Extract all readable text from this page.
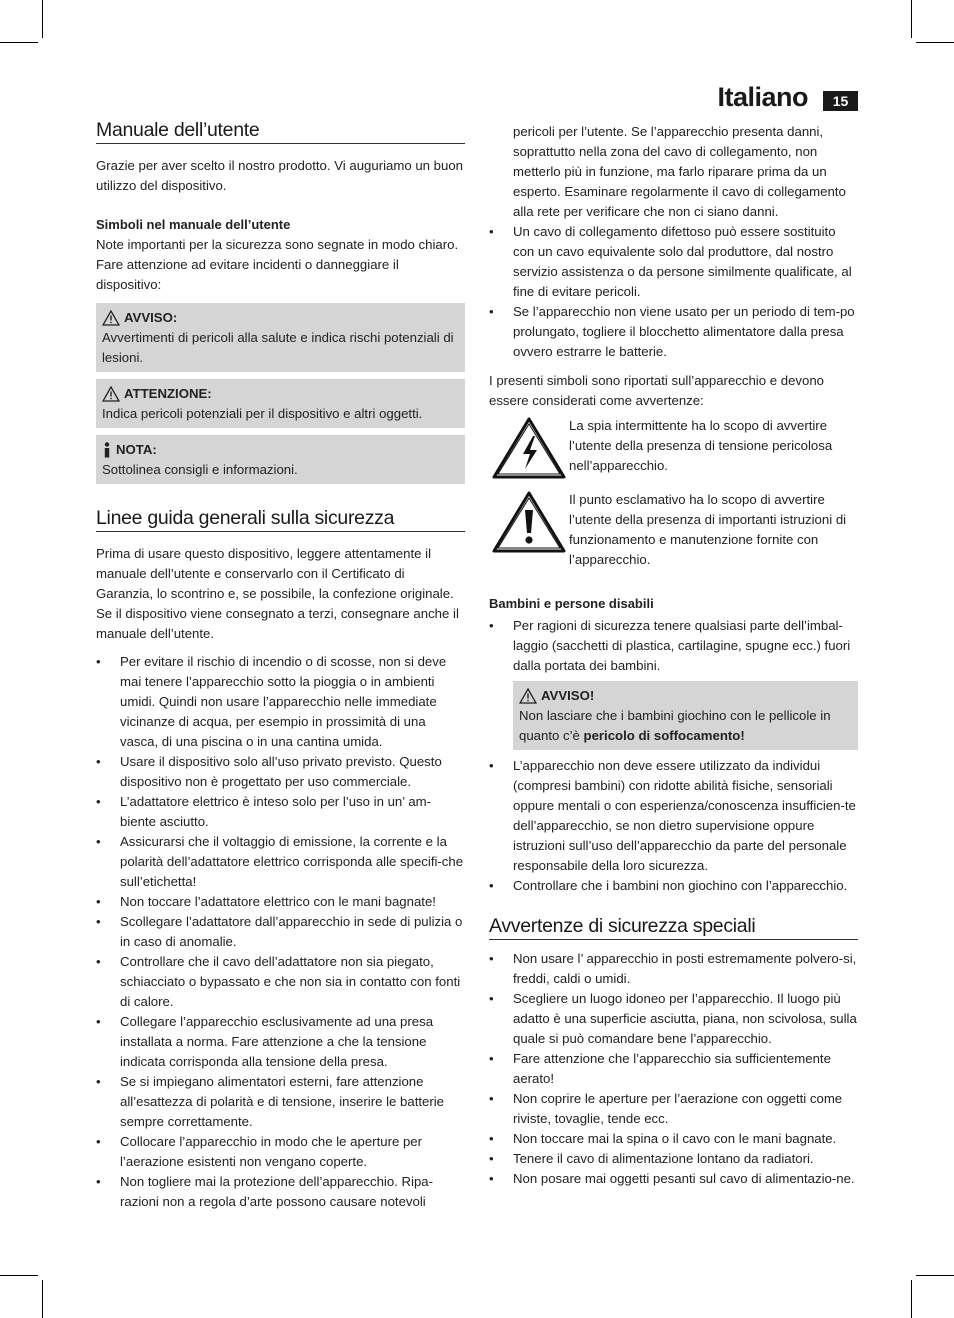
Italiano	15
Manuale dell’utente

Grazie per aver scelto il nostro prodotto. Vi auguriamo un buon utilizzo del dispositivo.

Simboli nel manuale dell’utente

Note importanti per la sicurezza sono segnate in modo chiaro. Fare attenzione ad evitare incidenti o danneggiare il dispositivo:

AVVISO:
Avvertimenti di pericoli alla salute e indica rischi potenziali di lesioni.
ATTENZIONE:
Indica pericoli potenziali per il dispositivo e altri oggetti.
NOTA:
Sottolinea consigli e informazioni.
Linee guida generali sulla sicurezza

Prima di usare questo dispositivo, leggere attentamente il manuale dell’utente e conservarlo con il Certificato di Garanzia, lo scontrino e, se possibile, la confezione originale. Se il dispositivo viene consegnato a terzi, consegnare anche il manuale dell’utente.

• Per evitare il rischio di incendio o di scosse, non si deve mai tenere l’apparecchio sotto la pioggia o in ambienti umidi. Quindi non usare l’apparecchio nelle immediate vicinanze di acqua, per esempio in prossimità di una vasca, di una piscina o in una cantina umida.
• Usare il dispositivo solo all’uso privato previsto. Questo dispositivo non è progettato per uso commerciale.
• L’adattatore elettrico è inteso solo per l’uso in un’ am-biente asciutto.
• Assicurarsi che il voltaggio di emissione, la corrente e la polarità dell’adattatore elettrico corrisponda alle specifi-che sull’etichetta!
• Non toccare l’adattatore elettrico con le mani bagnate!
• Scollegare l’adattatore dall’apparecchio in sede di pulizia o in caso di anomalie.
• Controllare che il cavo dell’adattatore non sia piegato, schiacciato o bypassato e che non sia in contatto con fonti di calore.
• Collegare l’apparecchio esclusivamente ad una presa installata a norma. Fare attenzione a che la tensione indicata corrisponda alla tensione della presa.
• Se si impiegano alimentatori esterni, fare attenzione all’esattezza di polarità e di tensione, inserire le batterie sempre correttamente.
• Collocare l’apparecchio in modo che le aperture per l’aerazione esistenti non vengano coperte.
• Non togliere mai la protezione dell’apparecchio. Ripa-razioni non a regola d’arte possono causare notevoli
pericoli per l’utente. Se l’apparecchio presenta danni, soprattutto nella zona del cavo di collegamento, non metterlo più in funzione, ma farlo riparare prima da un esperto. Esaminare regolarmente il cavo di collegamento alla rete per verificare che non ci siano danni.
• Un cavo di collegamento difettoso può essere sostituito con un cavo equivalente solo dal produttore, dal nostro servizio assistenza o da persone similmente qualificate, al fine di evitare pericoli.
• Se l’apparecchio non viene usato per un periodo di tem-po prolungato, togliere il blocchetto alimentatore dalla presa ovvero estrarre le batterie.

I presenti simboli sono riportati sull’apparecchio e devono essere considerati come avvertenze:

La spia intermittente ha lo scopo di avvertire l’utente della presenza di tensione pericolosa nell’apparecchio.
Il punto esclamativo ha lo scopo di avvertire l’utente della presenza di importanti istruzioni di funzionamento e manutenzione fornite con l’apparecchio.

Bambini e persone disabili

• Per ragioni di sicurezza tenere qualsiasi parte dell’imbal-laggio (sacchetti di plastica, cartilagine, spugne ecc.) fuori dalla portata dei bambini.
AVVISO!
Non lasciare che i bambini giochino con le pellicole in quanto c’è pericolo di soffocamento!
• L’apparecchio non deve essere utilizzato da individui (compresi bambini) con ridotte abilità fisiche, sensoriali oppure mentali o con esperienza/conoscenza insufficien-te dell’apparecchio, se non dietro supervisione oppure istruzioni sull’uso dell’apparecchio da parte del personale responsabile della loro sicurezza.
• Controllare che i bambini non giochino con l’apparecchio.
Avvertenze di sicurezza speciali
• Non usare l’ apparecchio in posti estremamente polvero-si, freddi, caldi o umidi.
• Scegliere un luogo idoneo per l’apparecchio. Il luogo più adatto è una superficie asciutta, piana, non scivolosa, sulla quale si può comandare bene l’apparecchio.
• Fare attenzione che l’apparecchio sia sufficientemente aerato!
• Non coprire le aperture per l’aerazione con oggetti come riviste, tovaglie, tende ecc.
• Non toccare mai la spina o il cavo con le mani bagnate.
• Tenere il cavo di alimentazione lontano da radiatori.
• Non posare mai oggetti pesanti sul cavo di alimentazio-ne.
